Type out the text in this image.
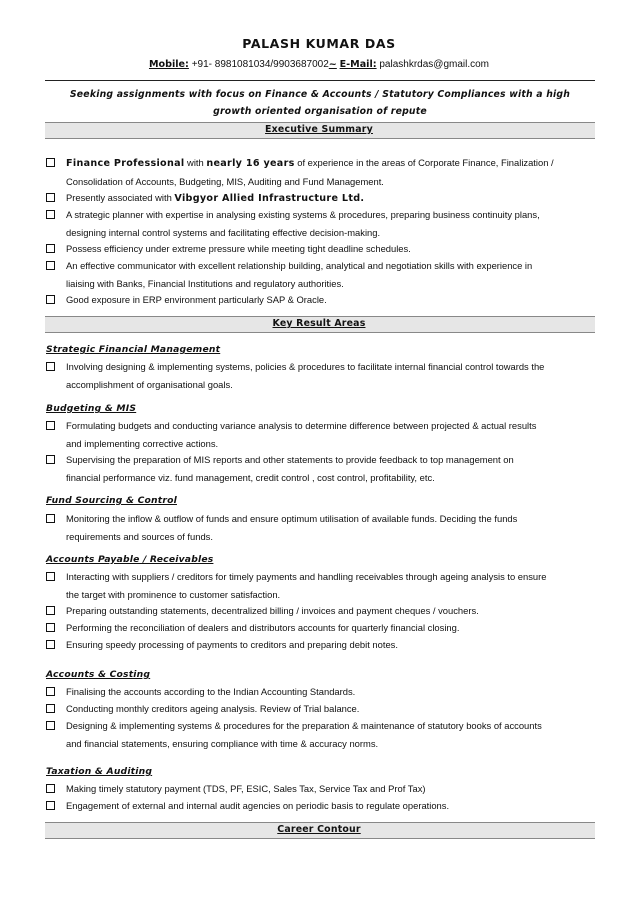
PALASH KUMAR DAS
Mobile: +91- 8981081034/9903687002~ E-Mail: palashkrdas@gmail.com
Seeking assignments with focus on Finance & Accounts / Statutory Compliances with a high
growth oriented organisation of repute
Executive Summary
Finance Professional with nearly 16 years of experience in the areas of Corporate Finance, Finalization /
Consolidation of Accounts, Budgeting, MIS, Auditing and Fund Management.
Presently associated with Vibgyor Allied Infrastructure Ltd.
A strategic planner with expertise in analysing existing systems & procedures, preparing business continuity plans,
designing internal control systems and facilitating effective decision-making.
Possess efficiency under extreme pressure while meeting tight deadline schedules.
An effective communicator with excellent relationship building, analytical and negotiation skills with experience in
liaising with Banks, Financial Institutions and regulatory authorities.
Good exposure in ERP environment particularly SAP & Oracle.
Key Result Areas
Strategic Financial Management
Involving designing & implementing systems, policies & procedures to facilitate internal financial control towards the
accomplishment of organisational goals.
Budgeting & MIS
Formulating budgets and conducting variance analysis to determine difference between projected & actual results
and implementing corrective actions.
Supervising the preparation of MIS reports and other statements to provide feedback to top management on
financial performance viz. fund management, credit control , cost control, profitability, etc.
Fund Sourcing & Control
Monitoring the inflow & outflow of funds and ensure optimum utilisation of available funds. Deciding the funds
requirements and sources of funds.
Accounts Payable / Receivables
Interacting with suppliers / creditors for timely payments and handling receivables through ageing analysis to ensure
the target with prominence to customer satisfaction.
Preparing outstanding statements, decentralized billing / invoices and payment cheques / vouchers.
Performing the reconciliation of dealers and distributors accounts for quarterly financial closing.
Ensuring speedy processing of payments to creditors and preparing debit notes.
Accounts & Costing
Finalising the accounts according to the Indian Accounting Standards.
Conducting monthly creditors ageing analysis. Review of Trial balance.
Designing & implementing systems & procedures for the preparation & maintenance of statutory books of accounts
and financial statements, ensuring compliance with time & accuracy norms.
Taxation & Auditing
Making timely statutory payment (TDS, PF, ESIC, Sales Tax, Service Tax and Prof Tax)
Engagement of external and internal audit agencies on periodic basis to regulate operations.
Career Contour
